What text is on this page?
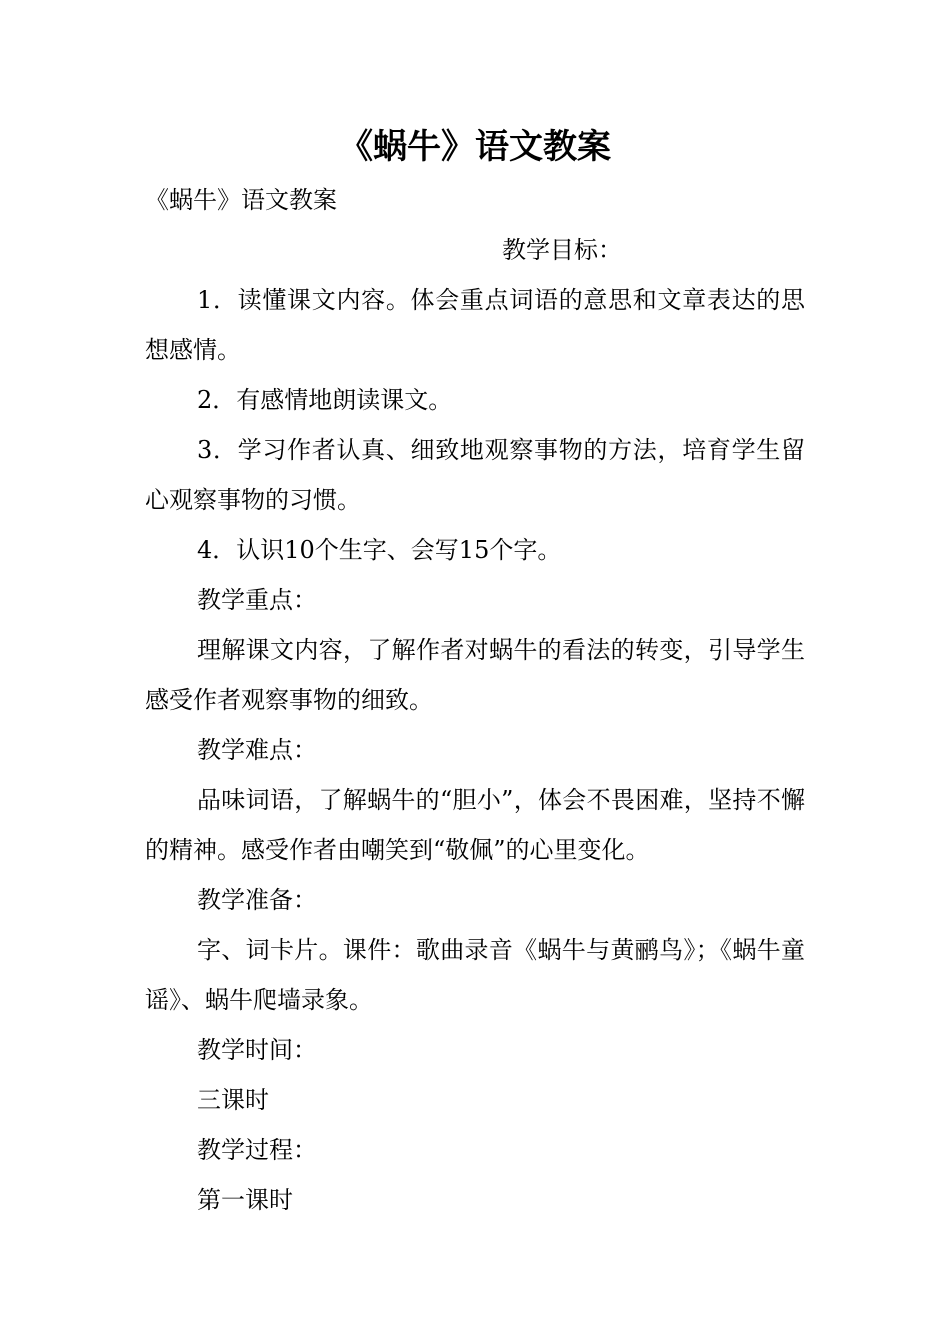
《蜗牛》语文教案
《蜗牛》语文教案
教学目标：

1．读懂课文内容。体会重点词语的意思和文章表达的思想感情。

2．有感情地朗读课文。

3．学习作者认真、细致地观察事物的方法，培育学生留心观察事物的习惯。

4．认识10个生字、会写15个字。

教学重点：

理解课文内容，了解作者对蜗牛的看法的转变，引导学生感受作者观察事物的细致。

教学难点：

品味词语，了解蜗牛的“胆小”，体会不畏困难，坚持不懈的精神。感受作者由嘲笑到“敬佩”的心里变化。

教学准备：

字、词卡片。课件：歌曲录音《蜗牛与黄鹂鸟》；《蜗牛童谣》、蜗牛爬墙录象。

教学时间：

三课时

教学过程：

第一课时
